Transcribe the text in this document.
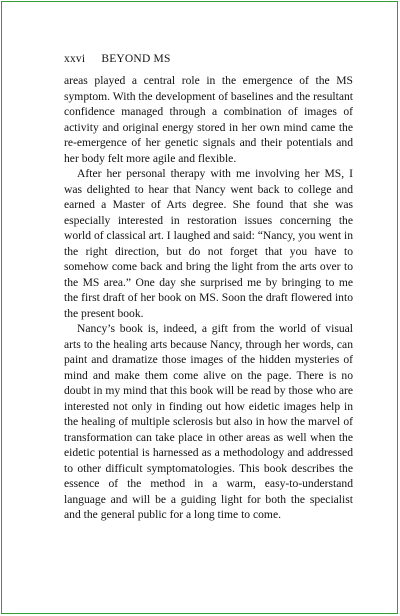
xxvi BEYOND MS

areas played a central role in the emergence of the MS symptom. With the development of baselines and the resultant confidence managed through a combination of images of activity and original energy stored in her own mind came the re-emergence of her genetic signals and their potentials and her body felt more agile and flexible.

After her personal therapy with me involving her MS, I was delighted to hear that Nancy went back to college and earned a Master of Arts degree. She found that she was especially interested in restoration issues concerning the world of classical art. I laughed and said: “Nancy, you went in the right direction, but do not forget that you have to somehow come back and bring the light from the arts over to the MS area.” One day she surprised me by bringing to me the first draft of her book on MS. Soon the draft flowered into the present book.

Nancy’s book is, indeed, a gift from the world of visual arts to the healing arts because Nancy, through her words, can paint and dramatize those images of the hidden mysteries of mind and make them come alive on the page. There is no doubt in my mind that this book will be read by those who are interested not only in finding out how eidetic images help in the healing of multiple sclerosis but also in how the marvel of transformation can take place in other areas as well when the eidetic potential is harnessed as a methodology and addressed to other difficult symptomatologies. This book describes the essence of the method in a warm, easy-to-understand language and will be a guiding light for both the specialist and the general public for a long time to come.
